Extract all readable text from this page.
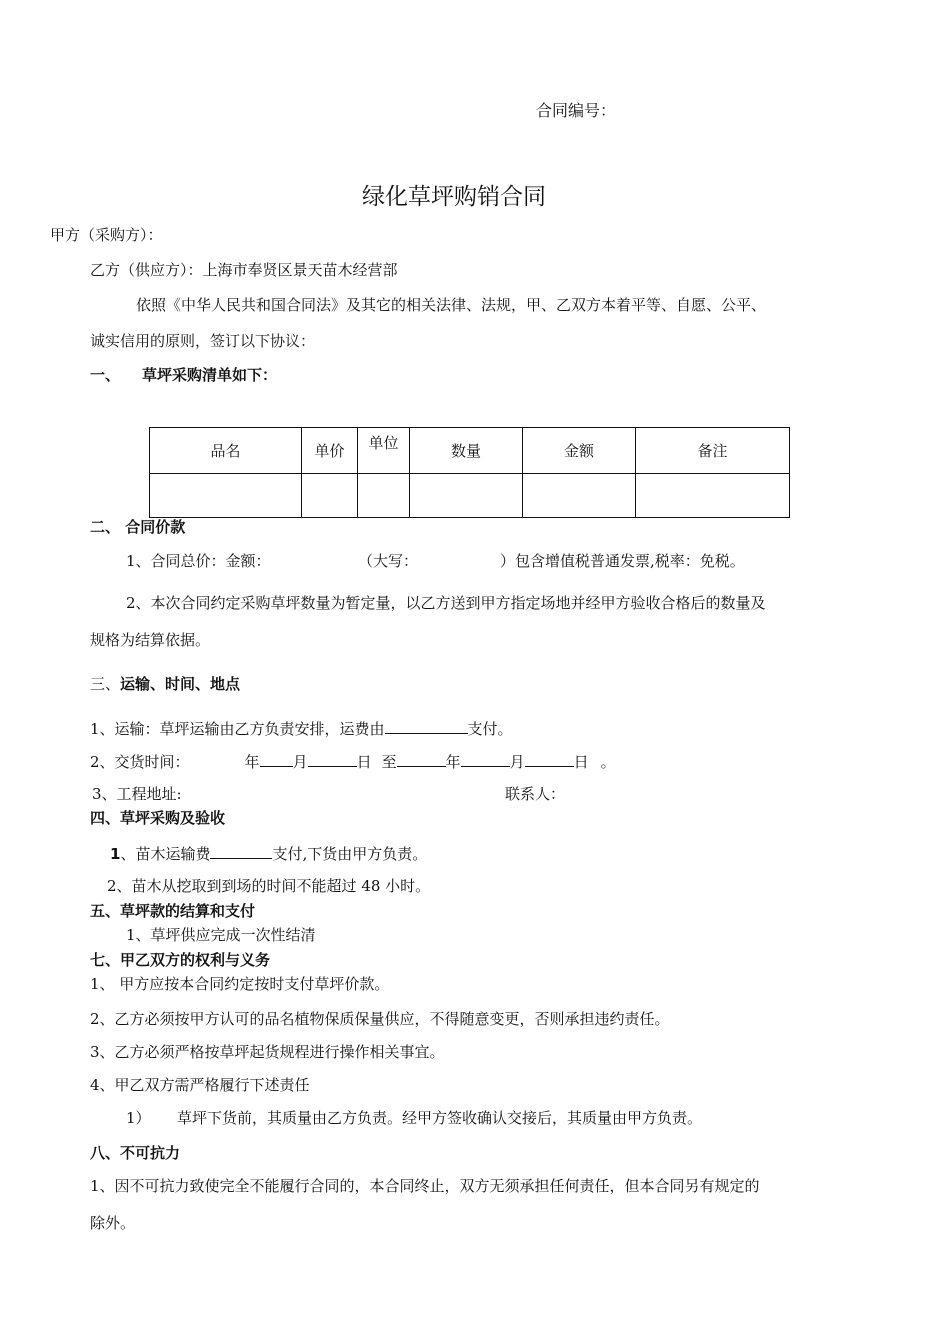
合同编号：
绿化草坪购销合同
甲方（采购方）：
乙方（供应方）：上海市奉贤区景天苗木经营部
依照《中华人民共和国合同法》及其它的相关法律、法规，甲、乙双方本着平等、自愿、公平、
诚实信用的原则，签订以下协议：
一、 草坪采购清单如下：
品名	单价	单位	数量	金额	备注

二、 合同价款
1、合同总价：金额：	（大写：	）包含增值税普通发票,税率：免税。
2、本次合同约定采购草坪数量为暂定量，以乙方送到甲方指定场地并经甲方验收合格后的数量及
规格为结算依据。
三、运输、时间、地点
1、运输：草坪运输由乙方负责安排，运费由	支付。
2、交货时间：	年 月	日 至	年	月	日 。
3、工程地址:	联系人：
四、草坪采购及验收
1、苗木运输费	支付,下货由甲方负责。
2、苗木从挖取到到场的时间不能超过 48 小时。
五、草坪款的结算和支付
1、草坪供应完成一次性结清
七、甲乙双方的权利与义务
1、 甲方应按本合同约定按时支付草坪价款。
2、乙方必须按甲方认可的品名植物保质保量供应，不得随意变更，否则承担违约责任。
3、乙方必须严格按草坪起货规程进行操作相关事宜。
4、甲乙双方需严格履行下述责任
1） 草坪下货前，其质量由乙方负责。经甲方签收确认交接后，其质量由甲方负责。
八、不可抗力
1、因不可抗力致使完全不能履行合同的，本合同终止，双方无须承担任何责任，但本合同另有规定的
除外。
